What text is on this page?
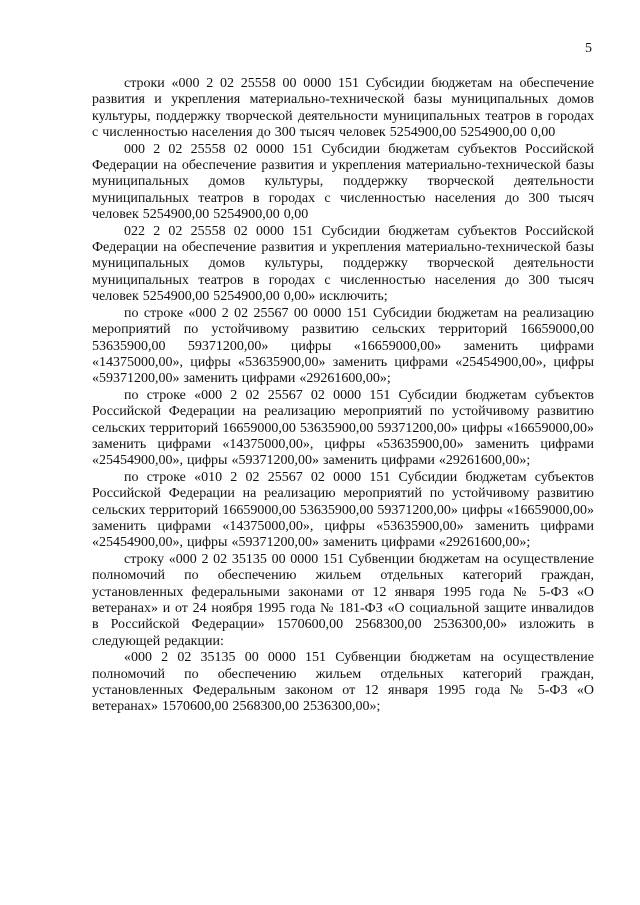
5

строки «000 2 02 25558 00 0000 151 Субсидии бюджетам на обеспечение развития и укрепления материально-технической базы муниципальных домов культуры, поддержку творческой деятельности муниципальных театров в городах с численностью населения до 300 тысяч человек 5254900,00 5254900,00 0,00

000 2 02 25558 02 0000 151 Субсидии бюджетам субъектов Российской Федерации на обеспечение развития и укрепления материально-технической базы муниципальных домов культуры, поддержку творческой деятельности муниципальных театров в городах с численностью населения до 300 тысяч человек 5254900,00 5254900,00 0,00

022 2 02 25558 02 0000 151 Субсидии бюджетам субъектов Российской Федерации на обеспечение развития и укрепления материально-технической базы муниципальных домов культуры, поддержку творческой деятельности муниципальных театров в городах с численностью населения до 300 тысяч человек 5254900,00 5254900,00 0,00» исключить;

по строке «000 2 02 25567 00 0000 151 Субсидии бюджетам на реализацию мероприятий по устойчивому развитию сельских территорий 16659000,00 53635900,00 59371200,00» цифры «16659000,00» заменить цифрами «14375000,00», цифры «53635900,00» заменить цифрами «25454900,00», цифры «59371200,00» заменить цифрами «29261600,00»;

по строке «000 2 02 25567 02 0000 151 Субсидии бюджетам субъектов Российской Федерации на реализацию мероприятий по устойчивому развитию сельских территорий 16659000,00 53635900,00 59371200,00» цифры «16659000,00» заменить цифрами «14375000,00», цифры «53635900,00» заменить цифрами «25454900,00», цифры «59371200,00» заменить цифрами «29261600,00»;

по строке «010 2 02 25567 02 0000 151 Субсидии бюджетам субъектов Российской Федерации на реализацию мероприятий по устойчивому развитию сельских территорий 16659000,00 53635900,00 59371200,00» цифры «16659000,00» заменить цифрами «14375000,00», цифры «53635900,00» заменить цифрами «25454900,00», цифры «59371200,00» заменить цифрами «29261600,00»;

строку «000 2 02 35135 00 0000 151 Субвенции бюджетам на осуществление полномочий по обеспечению жильем отдельных категорий граждан, установленных федеральными законами от 12 января 1995 года № 5-ФЗ «О ветеранах» и от 24 ноября 1995 года № 181-ФЗ «О социальной защите инвалидов в Российской Федерации» 1570600,00 2568300,00 2536300,00» изложить в следующей редакции:

«000 2 02 35135 00 0000 151 Субвенции бюджетам на осуществление полномочий по обеспечению жильем отдельных категорий граждан, установленных Федеральным законом от 12 января 1995 года № 5-ФЗ «О ветеранах» 1570600,00 2568300,00 2536300,00»;
